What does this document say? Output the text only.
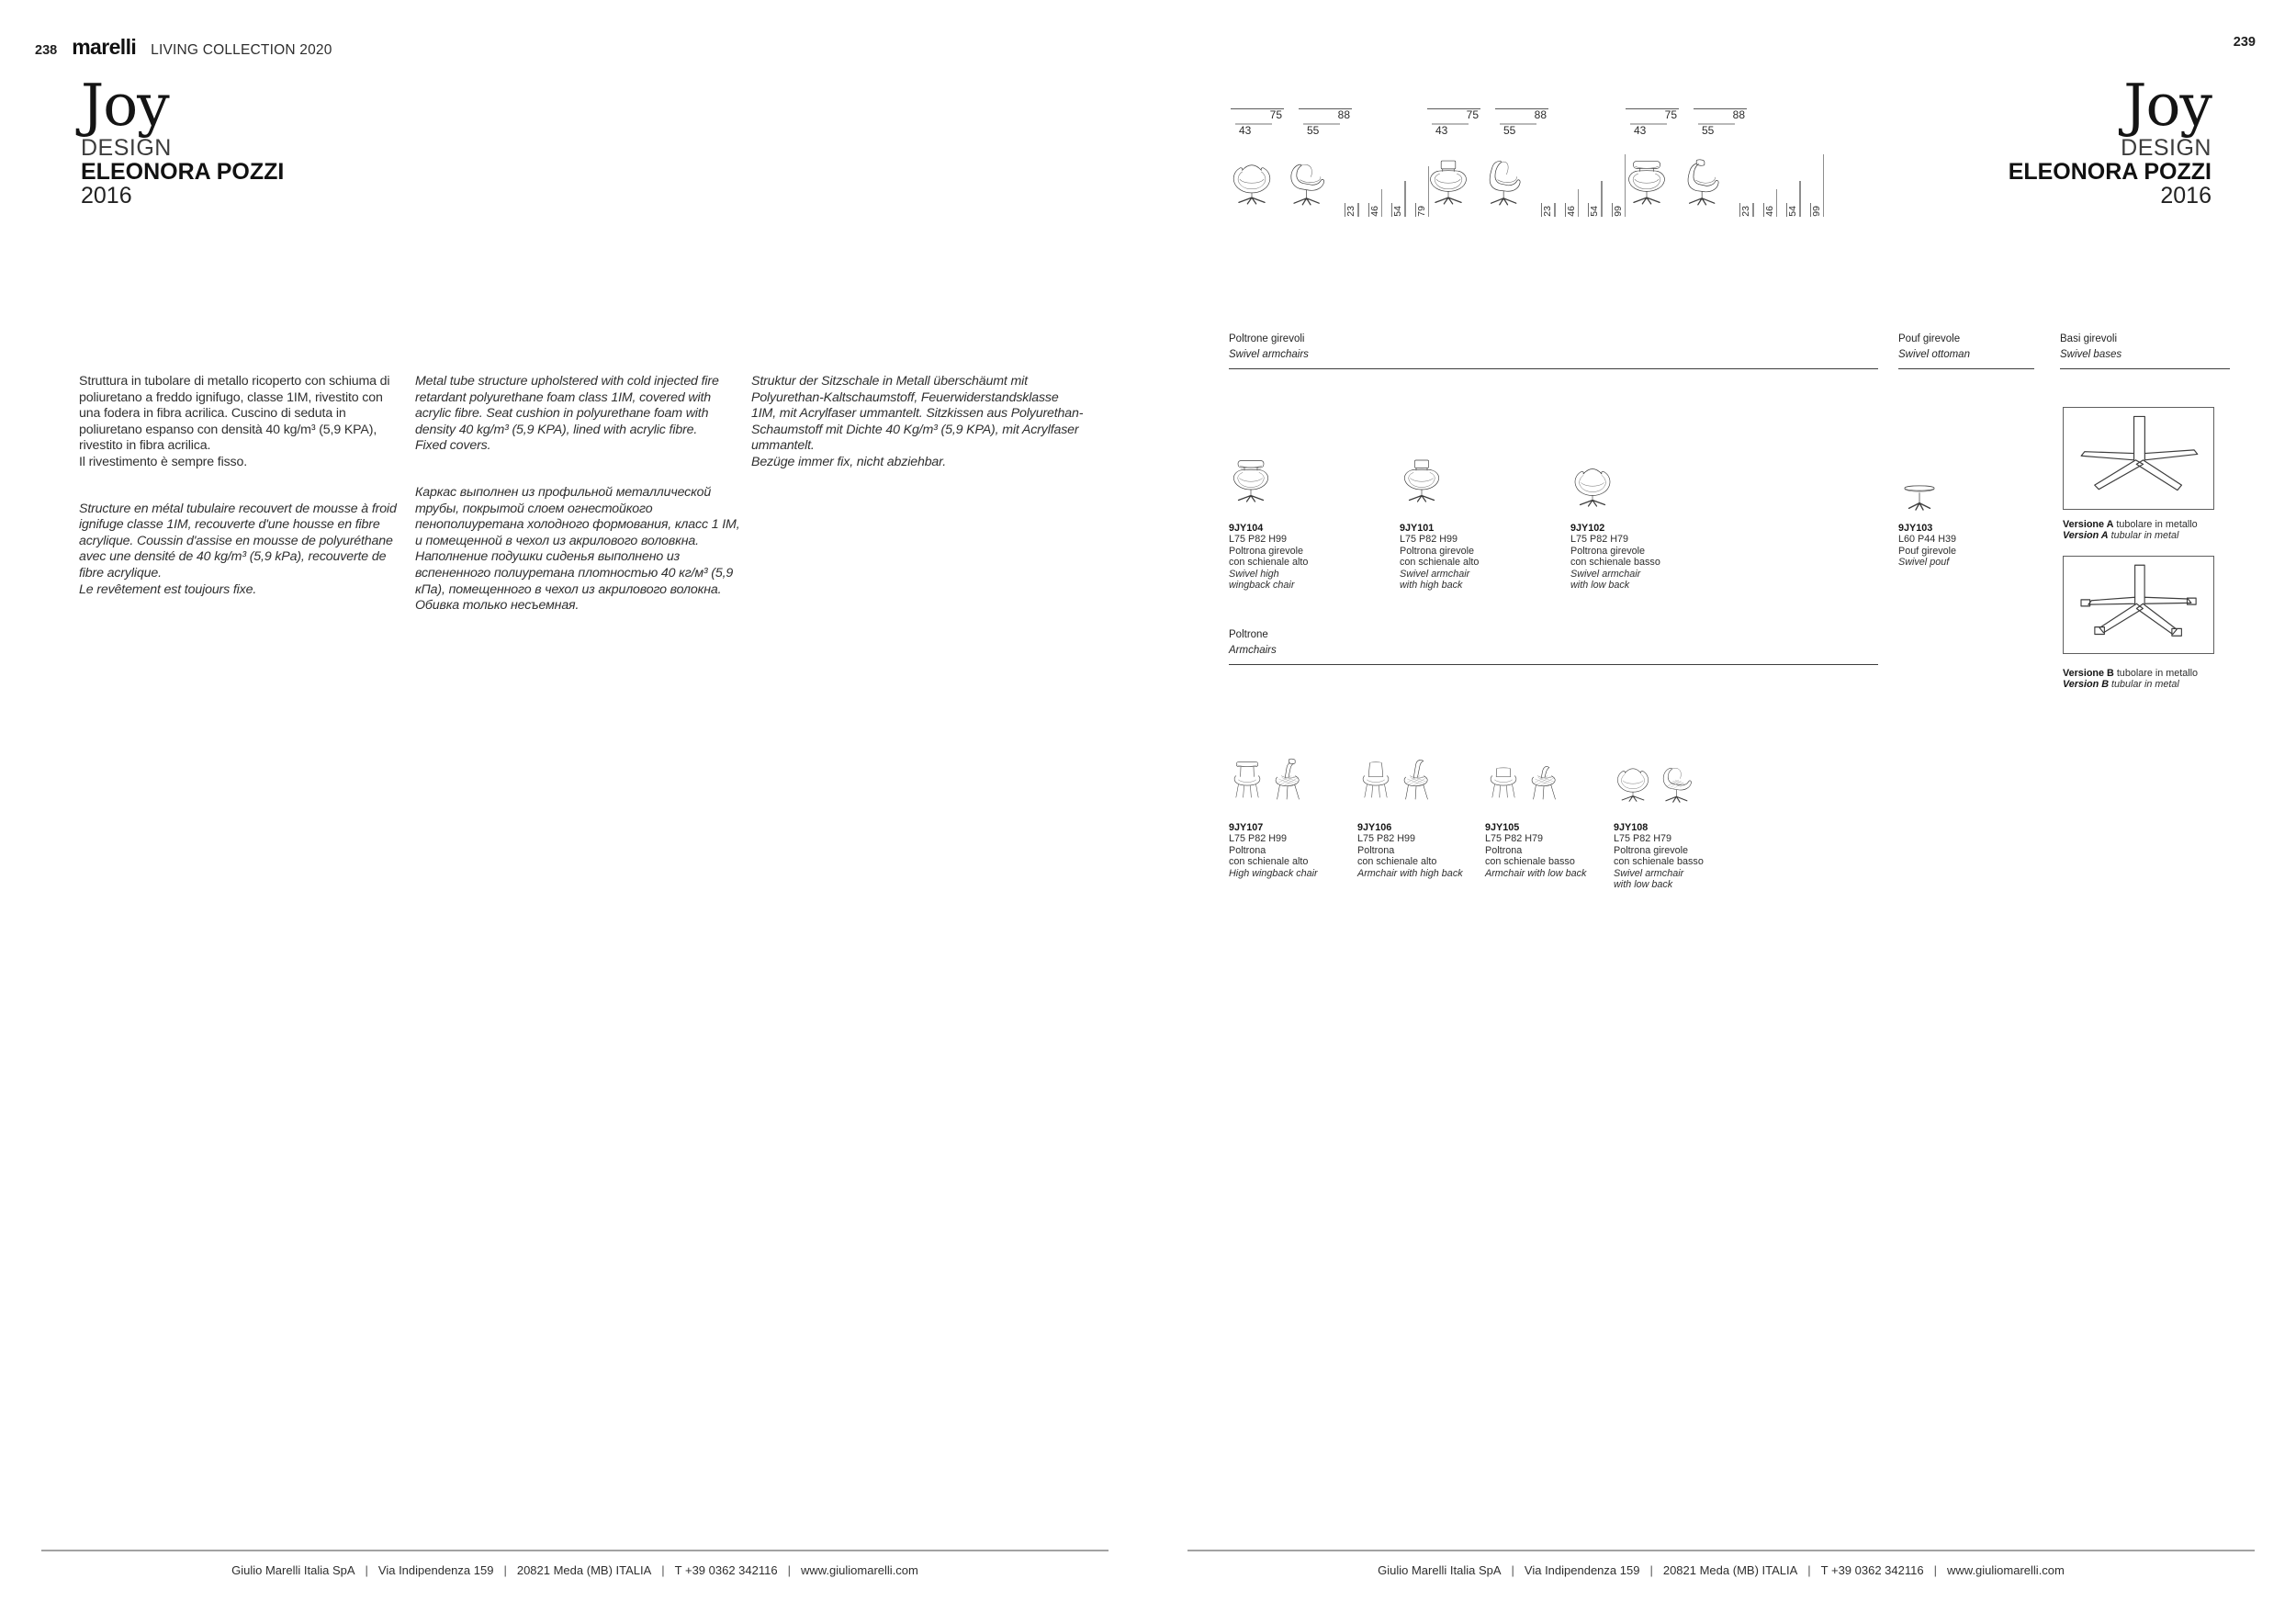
238 marelli LIVING COLLECTION 2020
Joy
DESIGN
ELEONORA POZZI
2016
Struttura in tubolare di metallo ricoperto con schiuma di poliuretano a freddo ignifugo, classe 1IM, rivestito con una fodera in fibra acrilica. Cuscino di seduta in poliuretano espanso con densità 40 kg/m³ (5,9 KPA), rivestito in fibra acrilica.
Il rivestimento è sempre fisso.
Structure en métal tubulaire recouvert de mousse à froid ignifuge classe 1IM, recouverte d'une housse en fibre acrylique. Coussin d'assise en mousse de polyuréthane avec une densité de 40 kg/m³ (5,9 kPa), recouverte de fibre acrylique.
Le revêtement est toujours fixe.
Metal tube structure upholstered with cold injected fire retardant polyurethane foam class 1IM, covered with acrylic fibre. Seat cushion in polyurethane foam with density 40 kg/m³ (5,9 KPA), lined with acrylic fibre.
Fixed covers.
Каркас выполнен из профильной металлической трубы, покрытой слоем огнестойкого пенополиуретана холодного формования, класс 1 IM, и помещенной в чехол из акрилового воловкна. Наполнение подушки сиденья выполнено из вспененного полиуретана плотностью 40 кг/м³ (5,9 кПа), помещенного в чехол из акрилового волокна.
Обивка только несъемная.
Struktur der Sitzschale in Metall überschäumt mit Polyurethan-Kaltschaumstoff, Feuerwiderstandsklasse 1IM, mit Acrylfaser ummantelt. Sitzkissen aus Polyurethan-Schaumstoff mit Dichte 40 Kg/m³ (5,9 KPA), mit Acrylfaser ummantelt.
Bezüge immer fix, nicht abziehbar.
Giulio Marelli Italia SpA | Via Indipendenza 159 | 20821 Meda (MB) ITALIA | T +39 0362 342116 | www.giuliomarelli.com
239
Joy
DESIGN
ELEONORA POZZI
2016
75
43
88
55
23 46 54 79
75
43
88
55
23 46 54 99
75
43
88
55
23 46 54 99
Poltrone girevoli
Swivel armchairs
Pouf girevole
Swivel ottoman
Basi girevoli
Swivel bases
Poltrone
Armchairs
9JY104
L75 P82 H99
Poltrona girevole
con schienale alto
Swivel high
wingback chair
9JY101
L75 P82 H99
Poltrona girevole
con schienale alto
Swivel armchair
with high back
9JY102
L75 P82 H79
Poltrona girevole
con schienale basso
Swivel armchair
with low back
9JY103
L60 P44 H39
Pouf girevole
Swivel pouf
Versione A tubolare in metallo
Version A tubular in metal
Versione B tubolare in metallo
Version B tubular in metal
9JY107
L75 P82 H99
Poltrona
con schienale alto
High wingback chair
9JY106
L75 P82 H99
Poltrona
con schienale alto
Armchair with high back
9JY105
L75 P82 H79
Poltrona
con schienale basso
Armchair with low back
9JY108
L75 P82 H79
Poltrona girevole
con schienale basso
Swivel armchair
with low back
Giulio Marelli Italia SpA | Via Indipendenza 159 | 20821 Meda (MB) ITALIA | T +39 0362 342116 | www.giuliomarelli.com
